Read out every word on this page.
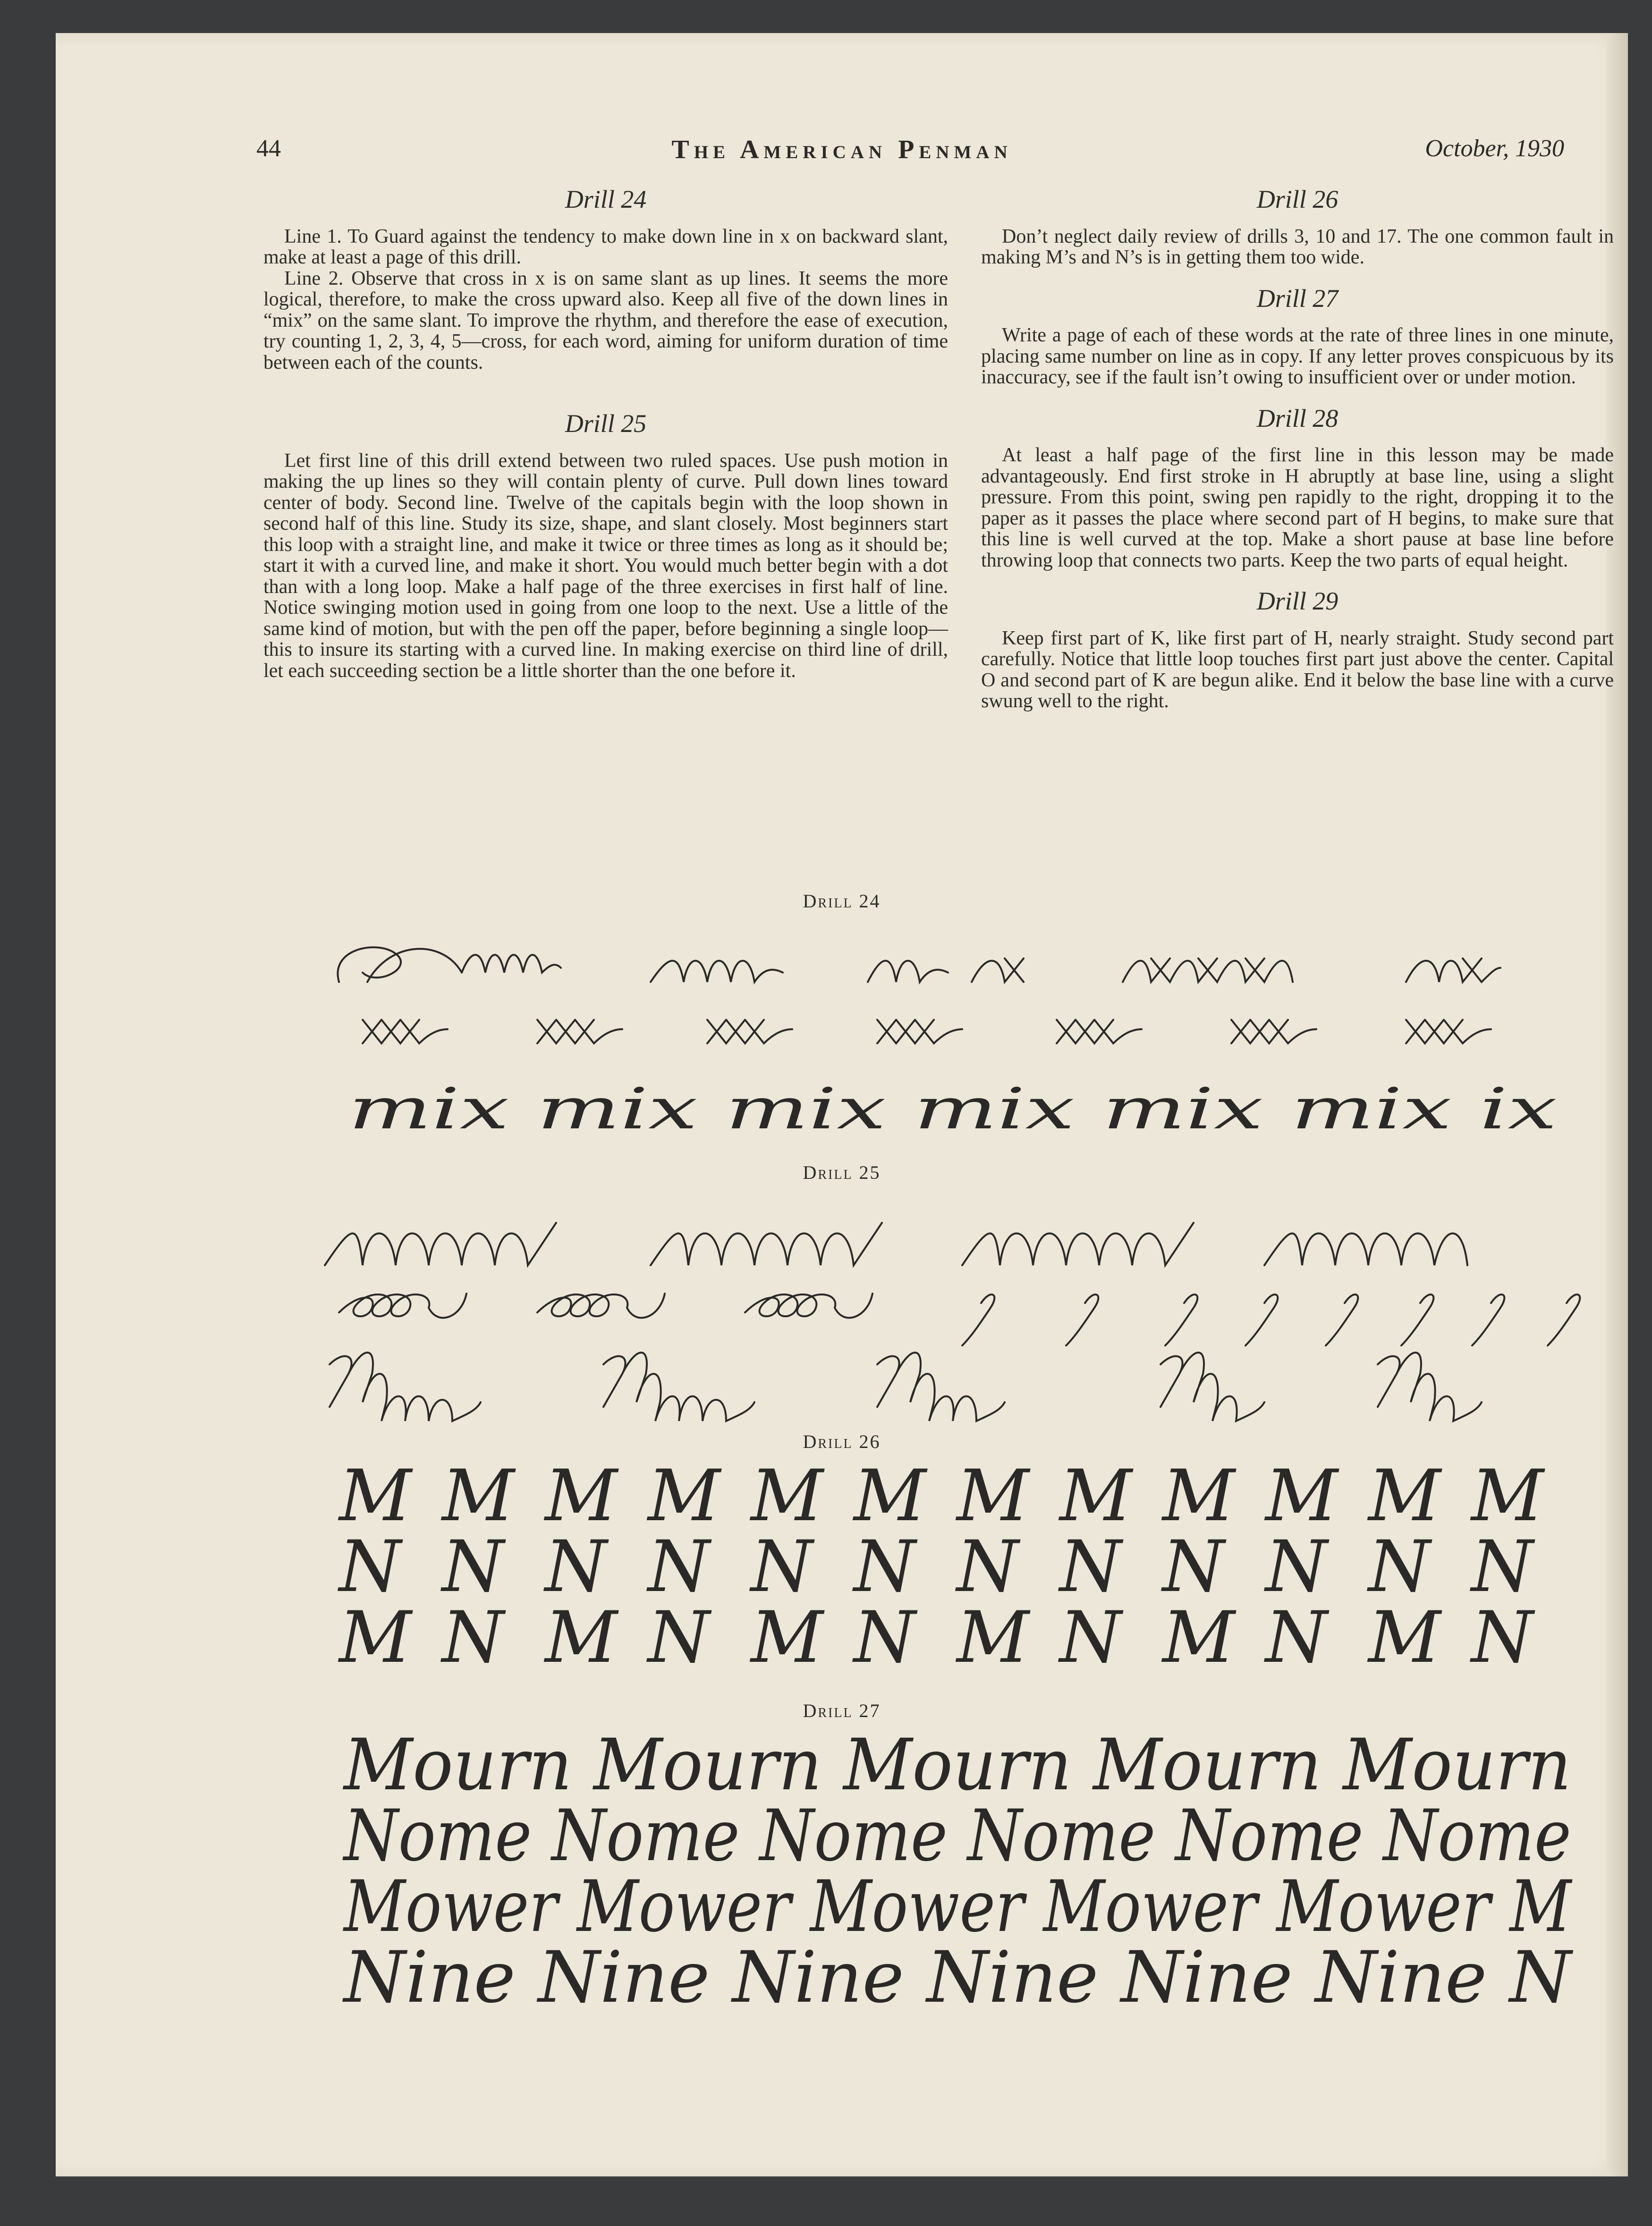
44	The American Penman	October, 1930
Drill 24

Line 1. To Guard against the tendency to make down line in x on backward slant, make at least a page of this drill.

Line 2. Observe that cross in x is on same slant as up lines. It seems the more logical, therefore, to make the cross upward also. Keep all five of the down lines in “mix” on the same slant. To improve the rhythm, and therefore the ease of execution, try counting 1, 2, 3, 4, 5—cross, for each word, aiming for uniform duration of time between each of the counts.

Drill 25

Let first line of this drill extend between two ruled spaces. Use push motion in making the up lines so they will contain plenty of curve. Pull down lines toward center of body. Second line. Twelve of the capitals begin with the loop shown in second half of this line. Study its size, shape, and slant closely. Most beginners start this loop with a straight line, and make it twice or three times as long as it should be; start it with a curved line, and make it short. You would much better begin with a dot than with a long loop. Make a half page of the three exercises in first half of line. Notice swinging motion used in going from one loop to the next. Use a little of the same kind of motion, but with the pen off the paper, before beginning a single loop—this to insure its starting with a curved line. In making exercise on third line of drill, let each succeeding section be a little shorter than the one before it.

Drill 26

Don’t neglect daily review of drills 3, 10 and 17. The one common fault in making M’s and N’s is in getting them too wide.

Drill 27

Write a page of each of these words at the rate of three lines in one minute, placing same number on line as in copy. If any letter proves conspicuous by its inaccuracy, see if the fault isn’t owing to insufficient over or under motion.

Drill 28

At least a half page of the first line in this lesson may be made advantageously. End first stroke in H abruptly at base line, using a slight pressure. From this point, swing pen rapidly to the right, dropping it to the paper as it passes the place where second part of H begins, to make sure that this line is well curved at the top. Make a short pause at base line before throwing loop that connects two parts. Keep the two parts of equal height.

Drill 29

Keep first part of K, like first part of H, nearly straight. Study second part carefully. Notice that little loop touches first part just above the center. Capital O and second part of K are begun alike. End it below the base line with a curve swung well to the right.

Drill 24
mix mix mix mix mix mix ix
Drill 25
Drill 26
M M M M M M M M M M M M
N N N N N N N N N N N N
M N M N M N M N M N M N
Drill 27
Mourn Mourn Mourn Mourn Mourn
Nome Nome Nome Nome Nome Nome
Mower Mower Mower Mower Mower M
Nine Nine Nine Nine Nine Nine N
